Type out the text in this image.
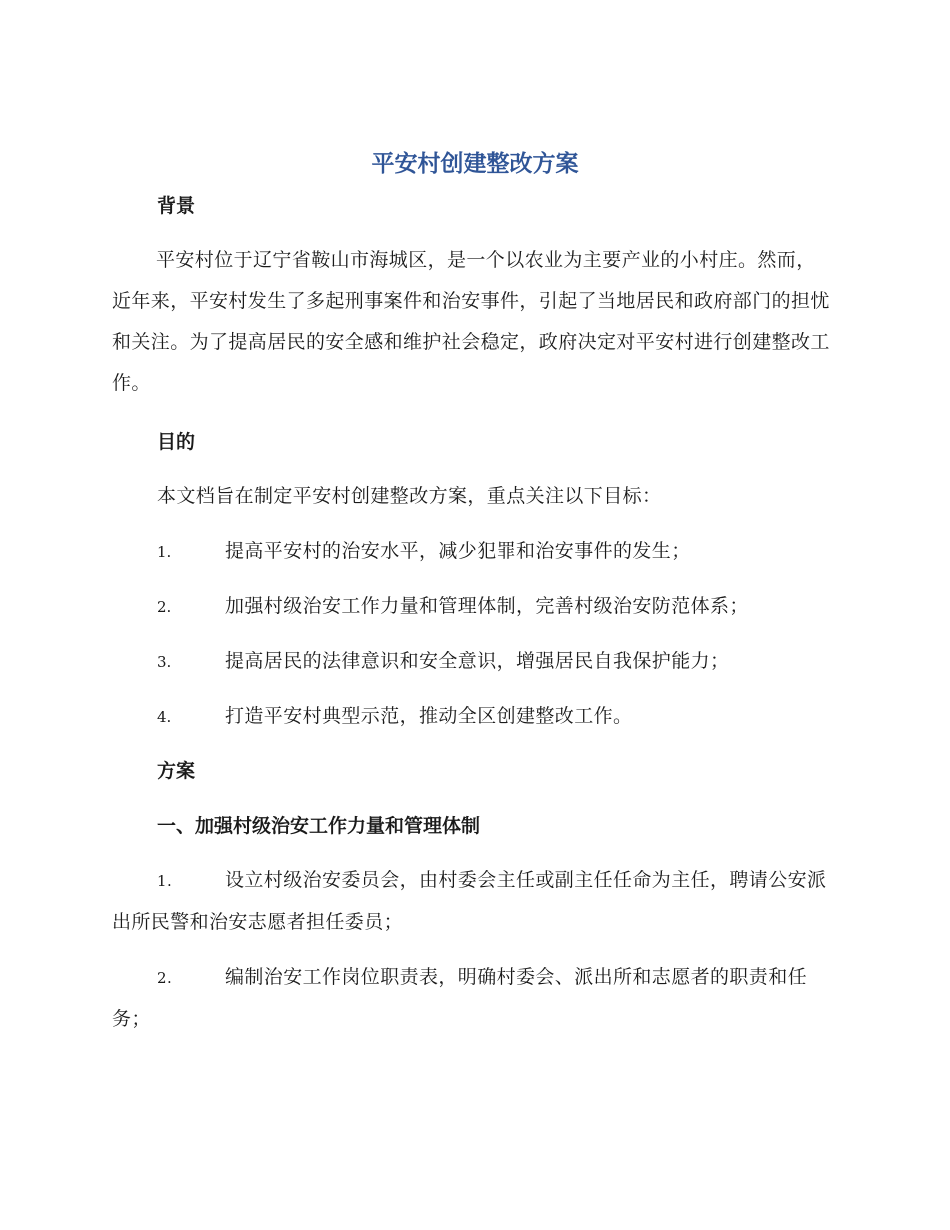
平安村创建整改方案
背景

平安村位于辽宁省鞍山市海城区，是一个以农业为主要产业的小村庄。然而，近年来，平安村发生了多起刑事案件和治安事件，引起了当地居民和政府部门的担忧和关注。为了提高居民的安全感和维护社会稳定，政府决定对平安村进行创建整改工作。

目的

本文档旨在制定平安村创建整改方案，重点关注以下目标：

1.	提高平安村的治安水平，减少犯罪和治安事件的发生；

2.	加强村级治安工作力量和管理体制，完善村级治安防范体系；

3.	提高居民的法律意识和安全意识，增强居民自我保护能力；

4.	打造平安村典型示范，推动全区创建整改工作。

方案
一、加强村级治安工作力量和管理体制

1.	设立村级治安委员会，由村委会主任或副主任任命为主任，聘请公安派出所民警和治安志愿者担任委员；

2.	编制治安工作岗位职责表，明确村委会、派出所和志愿者的职责和任务；
